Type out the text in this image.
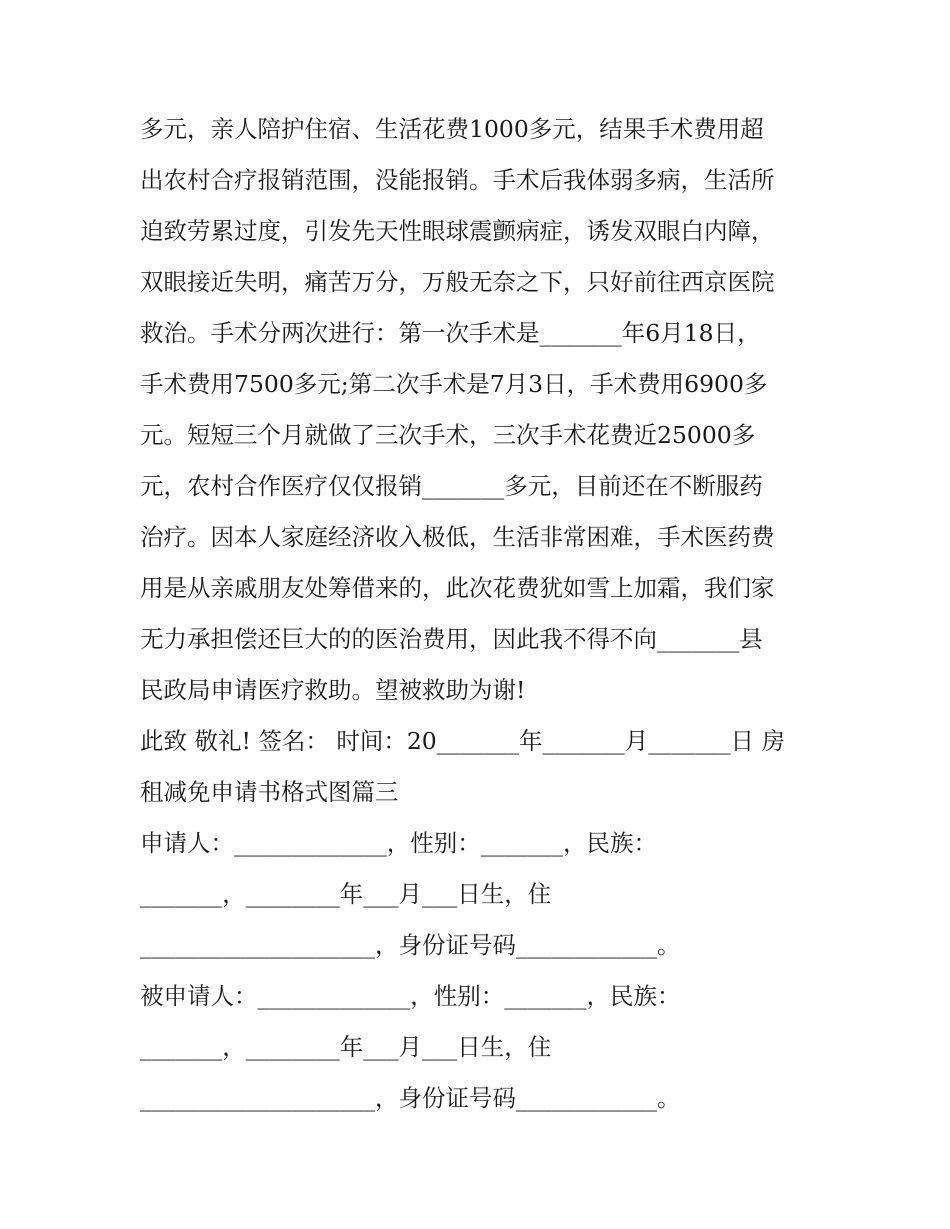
多元，亲人陪护住宿、生活花费1000多元，结果手术费用超
出农村合疗报销范围，没能报销。手术后我体弱多病，生活所
迫致劳累过度，引发先天性眼球震颤病症，诱发双眼白内障，
双眼接近失明，痛苦万分，万般无奈之下，只好前往西京医院
救治。手术分两次进行：第一次手术是_______年6月18日，
手术费用7500多元;第二次手术是7月3日，手术费用6900多
元。短短三个月就做了三次手术，三次手术花费近25000多
元，农村合作医疗仅仅报销_______多元，目前还在不断服药
治疗。因本人家庭经济收入极低，生活非常困难，手术医药费
用是从亲戚朋友处筹借来的，此次花费犹如雪上加霜，我们家
无力承担偿还巨大的的医治费用，因此我不得不向_______县
民政局申请医疗救助。望被救助为谢!
此致 敬礼! 签名： 时间：20_______年_______月_______日 房
租减免申请书格式图篇三
申请人：_____________，性别：_______，民族：
_______，________年___月___日生，住
____________________，身份证号码____________。
被申请人：_____________，性别：_______，民族：
_______，________年___月___日生，住
____________________，身份证号码____________。
